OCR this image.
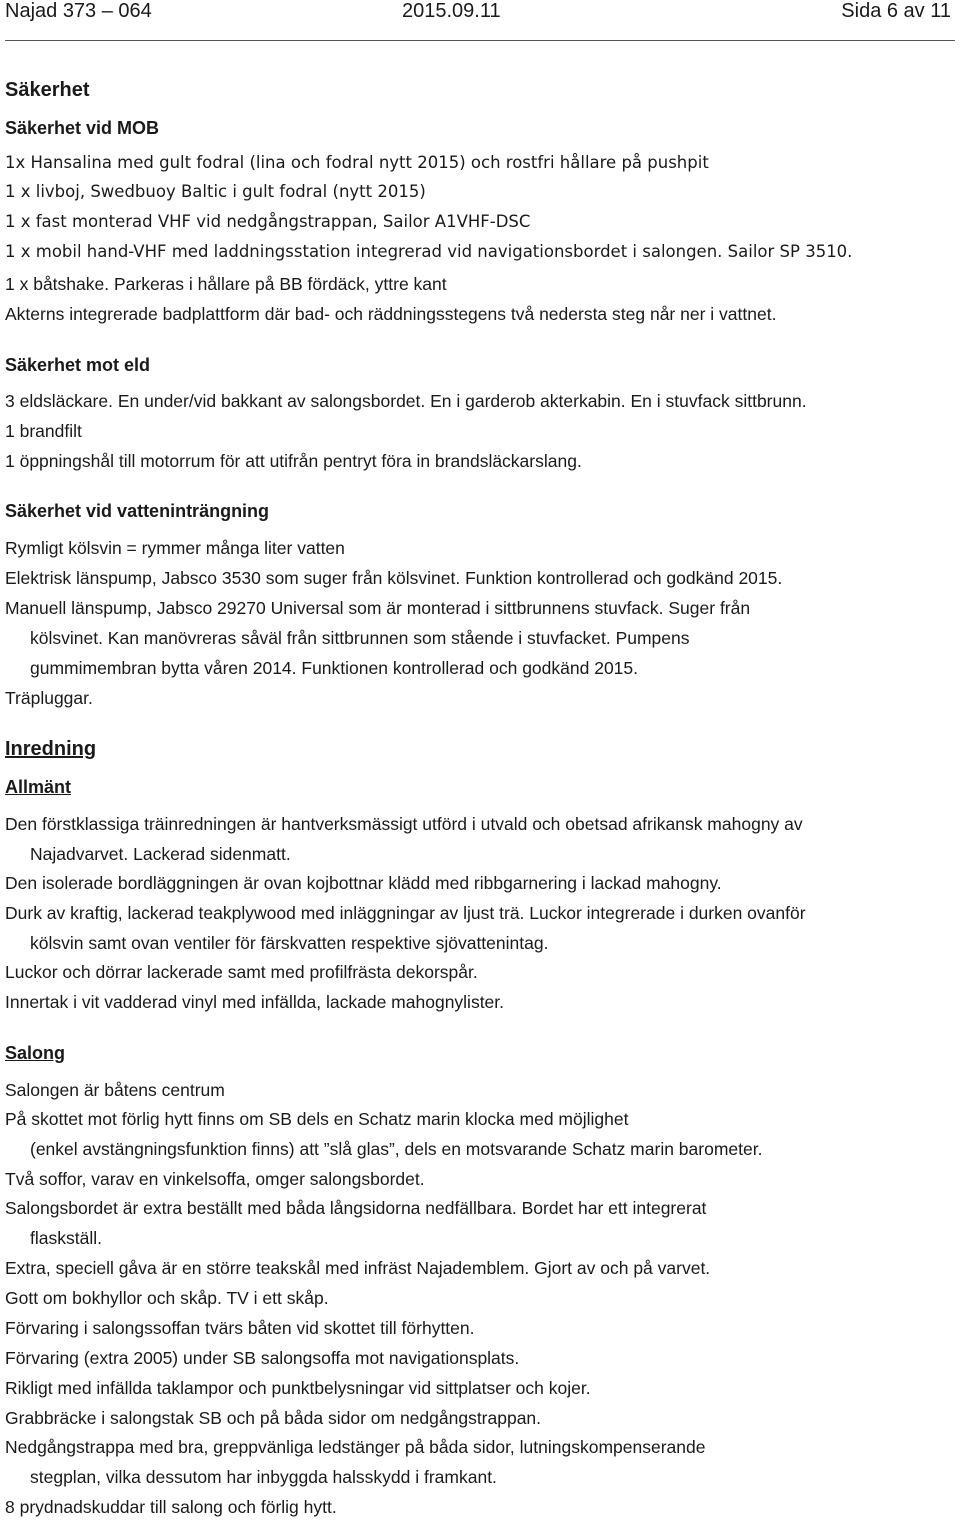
Najad 373 – 064	2015.09.11	Sida 6 av 11
Säkerhet
Säkerhet vid MOB
1x Hansalina med gult fodral (lina och fodral nytt 2015) och rostfri hållare på pushpit
1 x livboj, Swedbuoy Baltic i gult fodral (nytt 2015)
1 x fast monterad VHF vid nedgångstrappan, Sailor A1VHF-DSC
1 x mobil hand-VHF med laddningsstation integrerad vid navigationsbordet i salongen. Sailor SP 3510.
1 x båtshake. Parkeras i hållare på BB fördäck, yttre kant
Akterns integrerade badplattform där bad- och räddningsstegens två nedersta steg når ner i vattnet.
Säkerhet mot eld
3 eldsläckare. En under/vid bakkant av salongsbordet. En i garderob akterkabin. En i stuvfack sittbrunn.
1 brandfilt
1 öppningshål till motorrum för att utifrån pentryt föra in brandsläckarslang.
Säkerhet vid vatteninträngning
Rymligt kölsvin = rymmer många liter vatten
Elektrisk länspump, Jabsco 3530 som suger från kölsvinet. Funktion kontrollerad och godkänd 2015.
Manuell länspump, Jabsco 29270 Universal som är monterad i sittbrunnens stuvfack. Suger från
kölsvinet. Kan manövreras såväl från sittbrunnen som stående i stuvfacket. Pumpens
gummimembran bytta våren 2014. Funktionen kontrollerad och godkänd 2015.
Träpluggar.
Inredning
Allmänt
Den förstklassiga träinredningen är hantverksmässigt utförd i utvald och obetsad afrikansk mahogny av
Najadvarvet. Lackerad sidenmatt.
Den isolerade bordläggningen är ovan kojbottnar klädd med ribbgarnering i lackad mahogny.
Durk av kraftig, lackerad teakplywood med inläggningar av ljust trä. Luckor integrerade i durken ovanför
kölsvin samt ovan ventiler för färskvatten respektive sjövattenintag.
Luckor och dörrar lackerade samt med profilfrästa dekorspår.
Innertak i vit vadderad vinyl med infällda, lackade mahognylister.
Salong
Salongen är båtens centrum
På skottet mot förlig hytt finns om SB dels en Schatz marin klocka med möjlighet
(enkel avstängningsfunktion finns) att ”slå glas”, dels en motsvarande Schatz marin barometer.
Två soffor, varav en vinkelsoffa, omger salongsbordet.
Salongsbordet är extra beställt med båda långsidorna nedfällbara. Bordet har ett integrerat
flaskställ.
Extra, speciell gåva är en större teakskål med infräst Najademblem. Gjort av och på varvet.
Gott om bokhyllor och skåp. TV i ett skåp.
Förvaring i salongssoffan tvärs båten vid skottet till förhytten.
Förvaring (extra 2005) under SB salongsoffa mot navigationsplats.
Rikligt med infällda taklampor och punktbelysningar vid sittplatser och kojer.
Grabbräcke i salongstak SB och på båda sidor om nedgångstrappan.
Nedgångstrappa med bra, greppvänliga ledstänger på båda sidor, lutningskompenserande
stegplan, vilka dessutom har inbyggda halsskydd i framkant.
8 prydnadskuddar till salong och förlig hytt.
